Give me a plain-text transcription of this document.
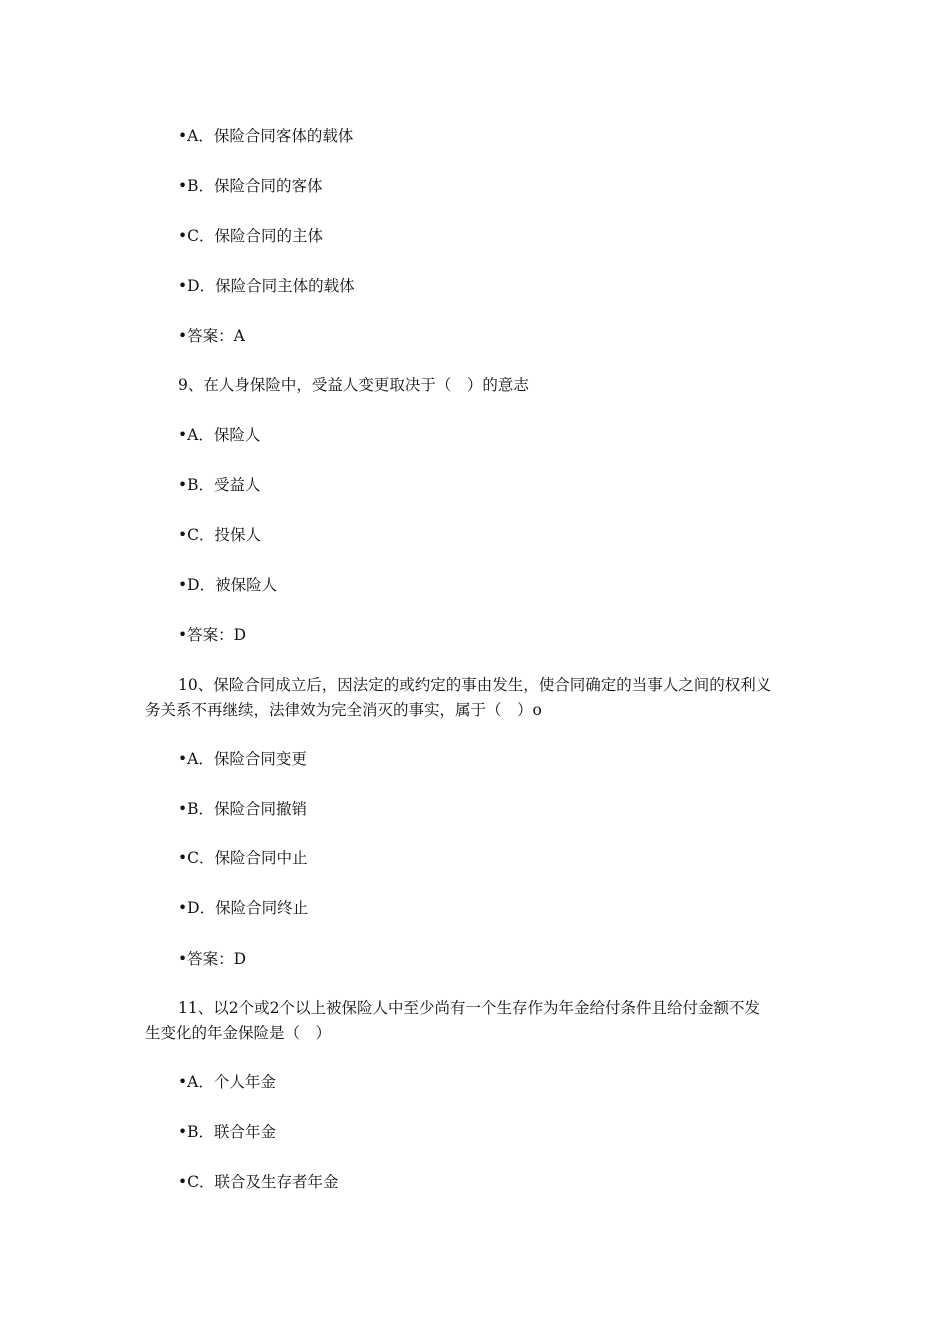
•A．保险合同客体的载体
•B．保险合同的客体
•C．保险合同的主体
•D．保险合同主体的载体
•答案：A
9、在人身保险中，受益人变更取决于（　）的意志
•A．保险人
•B．受益人
•C．投保人
•D．被保险人
•答案：D
10、保险合同成立后，因法定的或约定的事由发生，使合同确定的当事人之间的权利义
务关系不再继续，法律效为完全消灭的事实，属于（　）o
•A．保险合同变更
•B．保险合同撤销
•C．保险合同中止
•D．保险合同终止
•答案：D
11、以2个或2个以上被保险人中至少尚有一个生存作为年金给付条件且给付金额不发
生变化的年金保险是（　）
•A．个人年金
•B．联合年金
•C．联合及生存者年金
